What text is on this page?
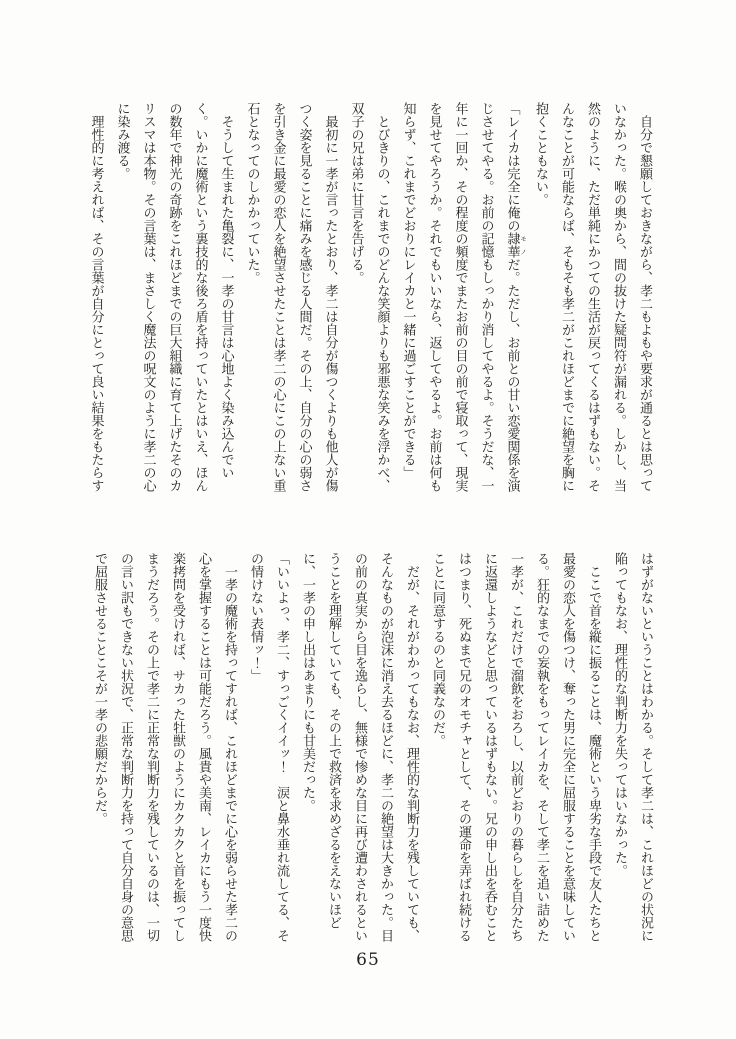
　自分で懇願しておきながら、孝二もよもや要求が通るとは思って

いなかった。喉の奥から、間の抜けた疑問符が漏れる。しかし、当

然のように、ただ単純にかつての生活が戻ってくるはずもない。そ

んなことが可能ならば、そもそも孝二がこれほどまでに絶望を胸に

抱くこともない。

「レイカは完全に俺の隷華 モノだ。ただし、お前との甘い恋愛関係を演

じさせてやる。お前の記憶もしっかり消してやるよ。そうだな、一

年に一回か、その程度の頻度でまたお前の目の前で寝取って、現実

を見せてやろうか。それでもいいなら、返してやるよ。お前は何も

知らず、これまでどおりにレイカと一緒に過ごすことができる」

　とびきりの、これまでのどんな笑顔よりも邪悪な笑みを浮かべ、

双子の兄は弟に甘言を告げる。

　最初に一孝が言ったとおり、孝二は自分が傷つくよりも他人が傷

つく姿を見ることに痛みを感じる人間だ。その上、自分の心の弱さ

を引き金に最愛の恋人を絶望させたことは孝二の心にこの上ない重

石となってのしかかっていた。

　そうして生まれた亀裂に、一孝の甘言は心地よく染み込んでい

く。いかに魔術という裏技的な後ろ盾を持っていたとはいえ、ほん

の数年で神光の奇跡をこれほどまでの巨大組織に育て上げたそのカ

リスマは本物。その言葉は、まさしく魔法の呪文のように孝二の心

に染み渡る。

　理性的に考えれば、その言葉が自分にとって良い結果をもたらす

はずがないということはわかる。そして孝二は、これほどの状況に

陥ってもなお、理性的な判断力を失ってはいなかった。

　ここで首を縦に振ることは、魔術という卑劣な手段で友人たちと

最愛の恋人を傷つけ、奪った男に完全に屈服することを意味してい

る。狂的なまでの妄執をもってレイカを、そして孝二を追い詰めた

一孝が、これだけで溜飲をおろし、以前どおりの暮らしを自分たち

に返還しようなどと思っているはずもない。兄の申し出を呑むこと

はつまり、死ぬまで兄のオモチャとして、その運命を弄ばれ続ける

ことに同意するのと同義なのだ。

　だが、それがわかってもなお、理性的な判断力を残していても、

そんなものが泡沫に消え去るほどに、孝二の絶望は大きかった。目

の前の真実から目を逸らし、無様で惨めな目に再び遭わされるとい

うことを理解していても、その上で救済を求めざるをえないほど

に、一孝の申し出はあまりにも甘美だった。

「いいよっ、孝二、すっごくイイッ！　涙と鼻水垂れ流してる、そ

の情けない表情ッ！」

　一孝の魔術を持ってすれば、これほどまでに心を弱らせた孝二の

心を掌握することは可能だろう。風貴や美南、レイカにもう一度快

楽拷問を受ければ、サカった牡獣のようにカクカクと首を振ってし

まうだろう。その上で孝二に正常な判断力を残しているのは、一切

の言い訳もできない状況で、正常な判断力を持って自分自身の意思

で屈服させることこそが一孝の悲願だからだ。

65
